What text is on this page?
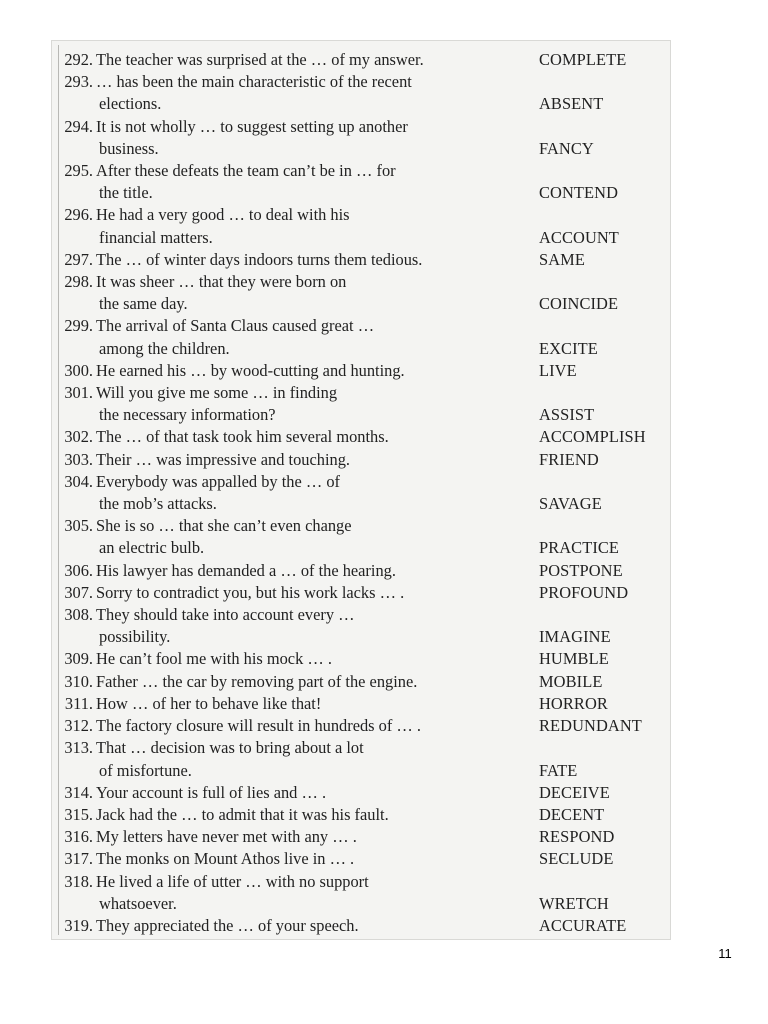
292. The teacher was surprised at the … of my answer.	COMPLETE
293. … has been the main characteristic of the recent
elections.	ABSENT
294. It is not wholly … to suggest setting up another
business.	FANCY
295. After these defeats the team can’t be in … for
the title.	CONTEND
296. He had a very good … to deal with his
financial matters.	ACCOUNT
297. The … of winter days indoors turns them tedious.	SAME
298. It was sheer … that they were born on
the same day.	COINCIDE
299. The arrival of Santa Claus caused great …
among the children.	EXCITE
300. He earned his … by wood-cutting and hunting.	LIVE
301. Will you give me some … in finding
the necessary information?	ASSIST
302. The … of that task took him several months.	ACCOMPLISH
303. Their … was impressive and touching.	FRIEND
304. Everybody was appalled by the … of
the mob’s attacks.	SAVAGE
305. She is so … that she can’t even change
an electric bulb.	PRACTICE
306. His lawyer has demanded a … of the hearing.	POSTPONE
307. Sorry to contradict you, but his work lacks … .	PROFOUND
308. They should take into account every …
possibility.	IMAGINE
309. He can’t fool me with his mock … .	HUMBLE
310. Father … the car by removing part of the engine.	MOBILE
311. How … of her to behave like that!	HORROR
312. The factory closure will result in hundreds of … .	REDUNDANT
313. That … decision was to bring about a lot
of misfortune.	FATE
314. Your account is full of lies and … .	DECEIVE
315. Jack had the … to admit that it was his fault.	DECENT
316. My letters have never met with any … .	RESPOND
317. The monks on Mount Athos live in … .	SECLUDE
318. He lived a life of utter … with no support
whatsoever.	WRETCH
319. They appreciated the … of your speech.	ACCURATE
11
